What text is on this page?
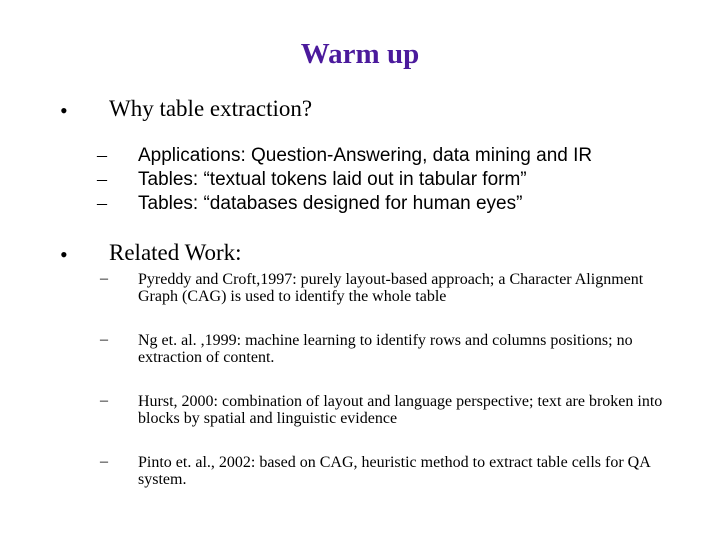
Warm up
• Why table extraction?
– Applications: Question-Answering, data mining and IR
– Tables: “textual tokens laid out in tabular form”
– Tables: “databases designed for human eyes”
• Related Work:
– Pyreddy and Croft,1997: purely layout-based approach; a Character Alignment Graph (CAG) is used to identify the whole table
– Ng et. al. ,1999: machine learning to identify rows and columns positions; no extraction of content.
– Hurst, 2000: combination of layout and language perspective; text are broken into blocks by spatial and linguistic evidence
– Pinto et. al., 2002: based on CAG, heuristic method to extract table cells for QA system.
